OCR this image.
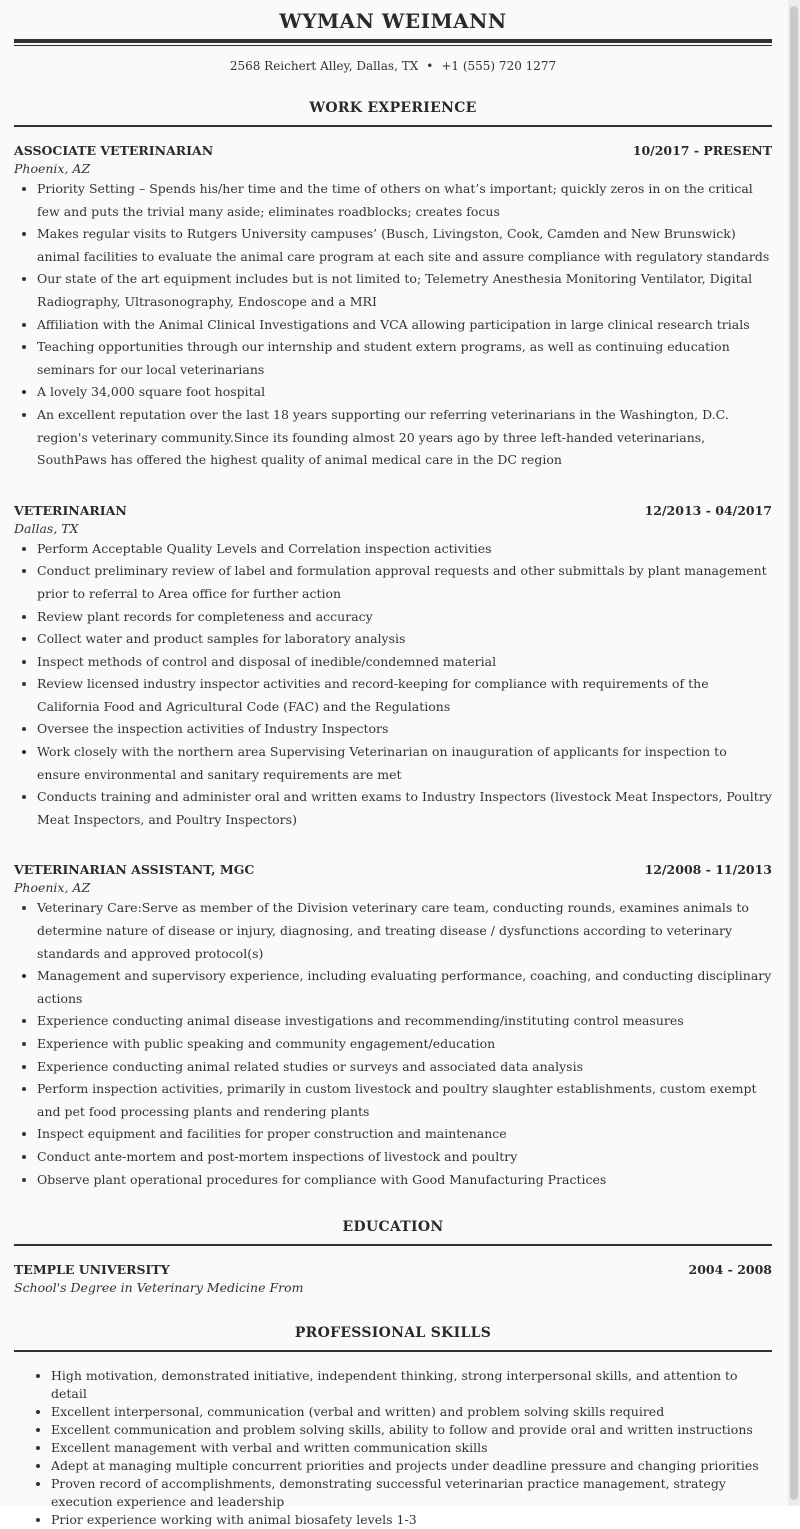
WYMAN WEIMANN
2568 Reichert Alley, Dallas, TX • +1 (555) 720 1277
WORK EXPERIENCE
ASSOCIATE VETERINARIAN	10/2017 - PRESENT
Phoenix, AZ
• Priority Setting – Spends his/her time and the time of others on what’s important; quickly zeros in on the critical few and puts the trivial many aside; eliminates roadblocks; creates focus
• Makes regular visits to Rutgers University campuses’ (Busch, Livingston, Cook, Camden and New Brunswick) animal facilities to evaluate the animal care program at each site and assure compliance with regulatory standards
• Our state of the art equipment includes but is not limited to; Telemetry Anesthesia Monitoring Ventilator, Digital Radiography, Ultrasonography, Endoscope and a MRI
• Affiliation with the Animal Clinical Investigations and VCA allowing participation in large clinical research trials
• Teaching opportunities through our internship and student extern programs, as well as continuing education seminars for our local veterinarians
• A lovely 34,000 square foot hospital
• An excellent reputation over the last 18 years supporting our referring veterinarians in the Washington, D.C. region's veterinary community.Since its founding almost 20 years ago by three left-handed veterinarians, SouthPaws has offered the highest quality of animal medical care in the DC region
VETERINARIAN	12/2013 - 04/2017
Dallas, TX
• Perform Acceptable Quality Levels and Correlation inspection activities
• Conduct preliminary review of label and formulation approval requests and other submittals by plant management prior to referral to Area office for further action
• Review plant records for completeness and accuracy
• Collect water and product samples for laboratory analysis
• Inspect methods of control and disposal of inedible/condemned material
• Review licensed industry inspector activities and record-keeping for compliance with requirements of the California Food and Agricultural Code (FAC) and the Regulations
• Oversee the inspection activities of Industry Inspectors
• Work closely with the northern area Supervising Veterinarian on inauguration of applicants for inspection to ensure environmental and sanitary requirements are met
• Conducts training and administer oral and written exams to Industry Inspectors (livestock Meat Inspectors, Poultry Meat Inspectors, and Poultry Inspectors)
VETERINARIAN ASSISTANT, MGC	12/2008 - 11/2013
Phoenix, AZ
• Veterinary Care:Serve as member of the Division veterinary care team, conducting rounds, examines animals to determine nature of disease or injury, diagnosing, and treating disease / dysfunctions according to veterinary standards and approved protocol(s)
• Management and supervisory experience, including evaluating performance, coaching, and conducting disciplinary actions
• Experience conducting animal disease investigations and recommending/instituting control measures
• Experience with public speaking and community engagement/education
• Experience conducting animal related studies or surveys and associated data analysis
• Perform inspection activities, primarily in custom livestock and poultry slaughter establishments, custom exempt and pet food processing plants and rendering plants
• Inspect equipment and facilities for proper construction and maintenance
• Conduct ante-mortem and post-mortem inspections of livestock and poultry
• Observe plant operational procedures for compliance with Good Manufacturing Practices
EDUCATION
TEMPLE UNIVERSITY	2004 - 2008
School's Degree in Veterinary Medicine From
PROFESSIONAL SKILLS
• High motivation, demonstrated initiative, independent thinking, strong interpersonal skills, and attention to detail
• Excellent interpersonal, communication (verbal and written) and problem solving skills required
• Excellent communication and problem solving skills, ability to follow and provide oral and written instructions
• Excellent management with verbal and written communication skills
• Adept at managing multiple concurrent priorities and projects under deadline pressure and changing priorities
• Proven record of accomplishments, demonstrating successful veterinarian practice management, strategy execution experience and leadership
• Prior experience working with animal biosafety levels 1-3
